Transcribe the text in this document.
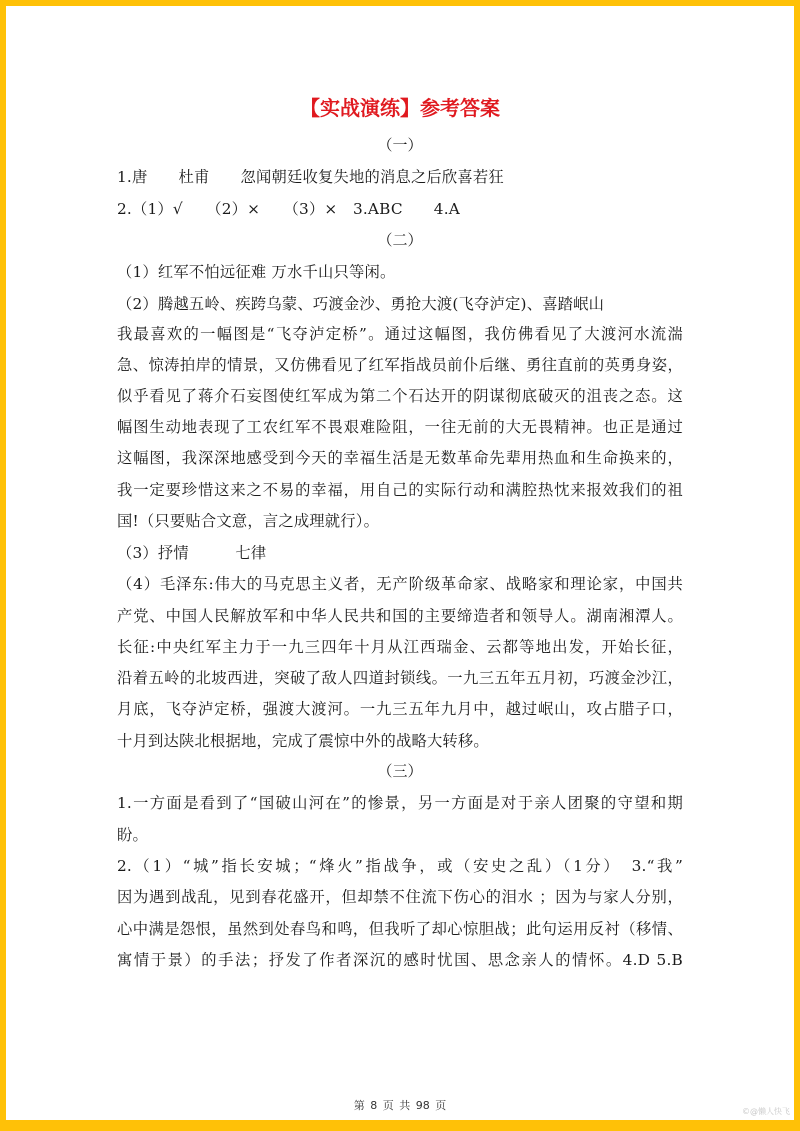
【实战演练】参考答案
（一）
1.唐　　杜甫　　忽闻朝廷收复失地的消息之后欣喜若狂
2.（1）√　　（2）×　　（3）×　3.ABC　　4.A
（二）
（1）红军不怕远征难 万水千山只等闲。
（2）腾越五岭、疾跨乌蒙、巧渡金沙、勇抢大渡(飞夺泸定)、喜踏岷山
我最喜欢的一幅图是“飞夺泸定桥”。通过这幅图，我仿佛看见了大渡河水流湍
急、惊涛拍岸的情景，又仿佛看见了红军指战员前仆后继、勇往直前的英勇身姿，
似乎看见了蒋介石妄图使红军成为第二个石达开的阴谋彻底破灭的沮丧之态。这
幅图生动地表现了工农红军不畏艰难险阻，一往无前的大无畏精神。也正是通过
这幅图，我深深地感受到今天的幸福生活是无数革命先辈用热血和生命换来的，
我一定要珍惜这来之不易的幸福，用自己的实际行动和满腔热忱来报效我们的祖
国!（只要贴合文意，言之成理就行）。
（3）抒情　　　七律
（4）毛泽东:伟大的马克思主义者，无产阶级革命家、战略家和理论家，中国共
产党、中国人民解放军和中华人民共和国的主要缔造者和领导人。湖南湘潭人。
长征:中央红军主力于一九三四年十月从江西瑞金、云都等地出发，开始长征，
沿着五岭的北坡西进，突破了敌人四道封锁线。一九三五年五月初，巧渡金沙江，
月底，飞夺泸定桥，强渡大渡河。一九三五年九月中，越过岷山，攻占腊子口，
十月到达陕北根据地，完成了震惊中外的战略大转移。
（三）
1.一方面是看到了“国破山河在”的惨景，另一方面是对于亲人团聚的守望和期
盼。
2.（1）“城”指长安城；“烽火”指战争，或（安史之乱）（1分）　3.“我”
因为遇到战乱，见到春花盛开，但却禁不住流下伤心的泪水 ；因为与家人分别，
心中满是怨恨，虽然到处春鸟和鸣，但我听了却心惊胆战；此句运用反衬（移情、
寓情于景）的手法；抒发了作者深沉的感时忧国、思念亲人的情怀。4.D 5.B
第 8 页 共 98 页	©@懒人快飞
